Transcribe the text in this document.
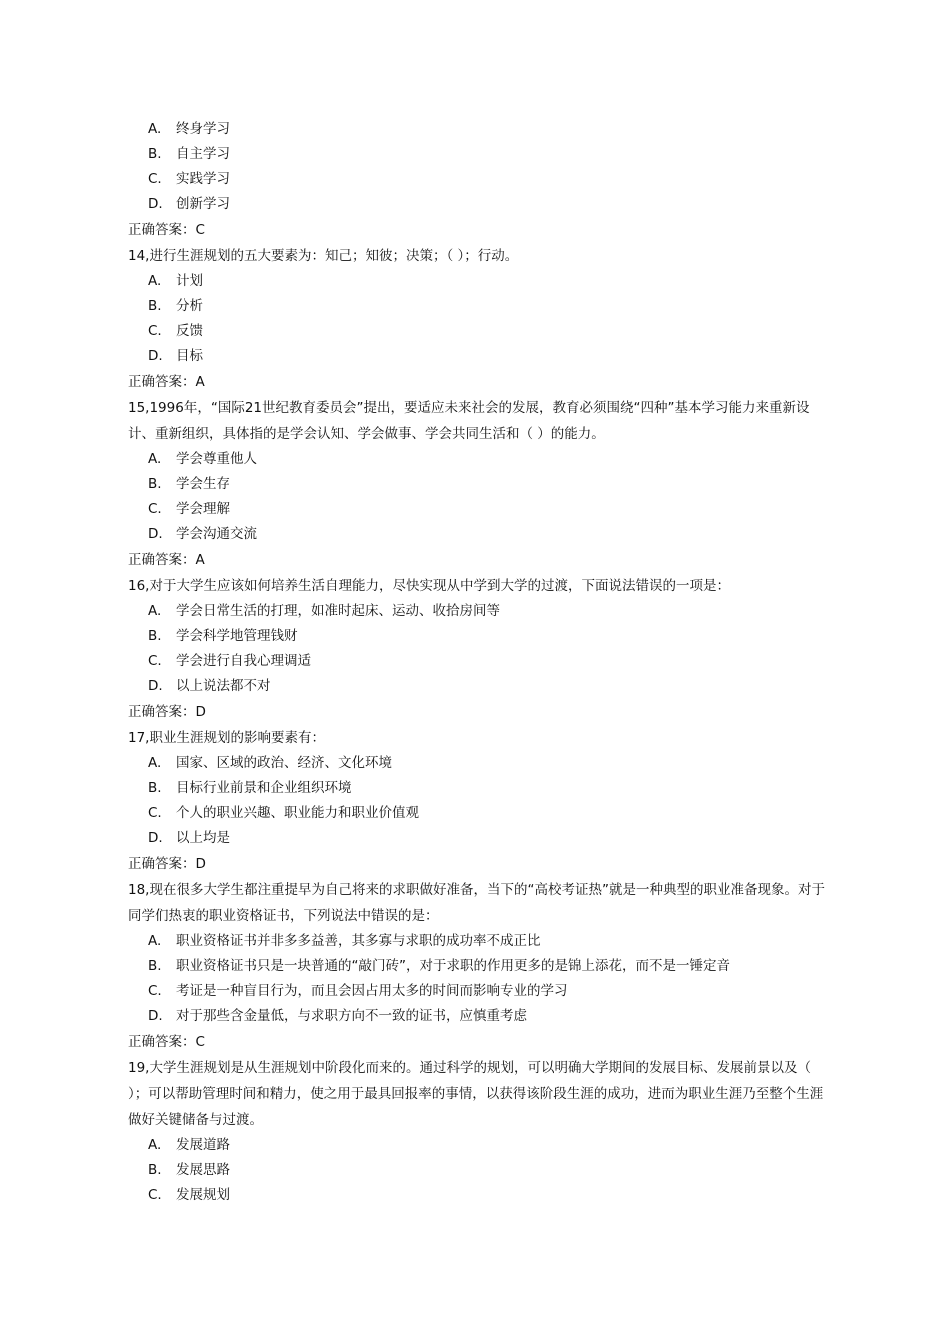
A. 终身学习
B. 自主学习
C. 实践学习
D. 创新学习
正确答案：C
14,进行生涯规划的五大要素为：知己；知彼；决策；（ ）；行动。
A. 计划
B. 分析
C. 反馈
D. 目标
正确答案：A
15,1996年，“国际21世纪教育委员会”提出，要适应未来社会的发展，教育必须围绕“四种”基本学习能力来重新设计、重新组织，具体指的是学会认知、学会做事、学会共同生活和（ ）的能力。
A. 学会尊重他人
B. 学会生存
C. 学会理解
D. 学会沟通交流
正确答案：A
16,对于大学生应该如何培养生活自理能力，尽快实现从中学到大学的过渡，下面说法错误的一项是：
A. 学会日常生活的打理，如准时起床、运动、收拾房间等
B. 学会科学地管理钱财
C. 学会进行自我心理调适
D. 以上说法都不对
正确答案：D
17,职业生涯规划的影响要素有：
A. 国家、区域的政治、经济、文化环境
B. 目标行业前景和企业组织环境
C. 个人的职业兴趣、职业能力和职业价值观
D. 以上均是
正确答案：D
18,现在很多大学生都注重提早为自己将来的求职做好准备，当下的“高校考证热”就是一种典型的职业准备现象。对于同学们热衷的职业资格证书，下列说法中错误的是：
A. 职业资格证书并非多多益善，其多寡与求职的成功率不成正比
B. 职业资格证书只是一块普通的“敲门砖”，对于求职的作用更多的是锦上添花，而不是一锤定音
C. 考证是一种盲目行为，而且会因占用太多的时间而影响专业的学习
D. 对于那些含金量低，与求职方向不一致的证书，应慎重考虑
正确答案：C
19,大学生涯规划是从生涯规划中阶段化而来的。通过科学的规划，可以明确大学期间的发展目标、发展前景以及（ ）；可以帮助管理时间和精力，使之用于最具回报率的事情，以获得该阶段生涯的成功，进而为职业生涯乃至整个生涯做好关键储备与过渡。
A. 发展道路
B. 发展思路
C. 发展规划
